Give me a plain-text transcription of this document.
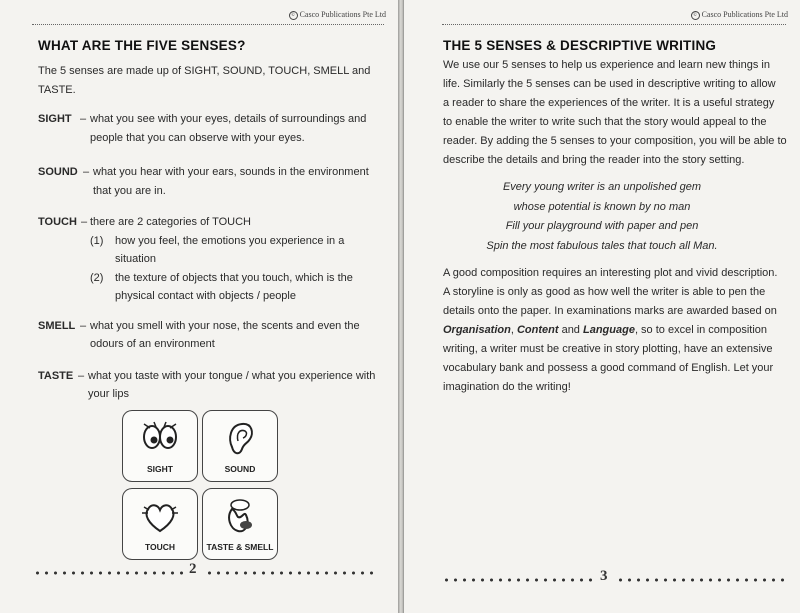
© Casco Publications Pte Ltd
WHAT ARE THE FIVE SENSES?
The 5 senses are made up of SIGHT, SOUND, TOUCH, SMELL and
TASTE.
SIGHT – what you see with your eyes, details of surroundings and
people that you can observe with your eyes.
SOUND – what you hear with your ears, sounds in the environment
that you are in.
TOUCH – there are 2 categories of TOUCH
(1) how you feel, the emotions you experience in a
situation
(2) the texture of objects that you touch, which is the
physical contact with objects / people
SMELL – what you smell with your nose, the scents and even the
odours of an environment
TASTE – what you taste with your tongue / what you experience with
your lips
SIGHT	SOUND
TOUCH	TASTE & SMELL
2
© Casco Publications Pte Ltd
THE 5 SENSES & DESCRIPTIVE WRITING
We use our 5 senses to help us experience and learn new things in
life. Similarly the 5 senses can be used in descriptive writing to allow
a reader to share the experiences of the writer. It is a useful strategy
to enable the writer to write such that the story would appeal to the
reader. By adding the 5 senses to your composition, you will be able to
describe the details and bring the reader into the story setting.
Every young writer is an unpolished gem
whose potential is known by no man
Fill your playground with paper and pen
Spin the most fabulous tales that touch all Man.
A good composition requires an interesting plot and vivid description.
A storyline is only as good as how well the writer is able to pen the
details onto the paper. In examinations marks are awarded based on
Organisation, Content and Language, so to excel in composition
writing, a writer must be creative in story plotting, have an extensive
vocabulary bank and possess a good command of English. Let your
imagination do the writing!
3
